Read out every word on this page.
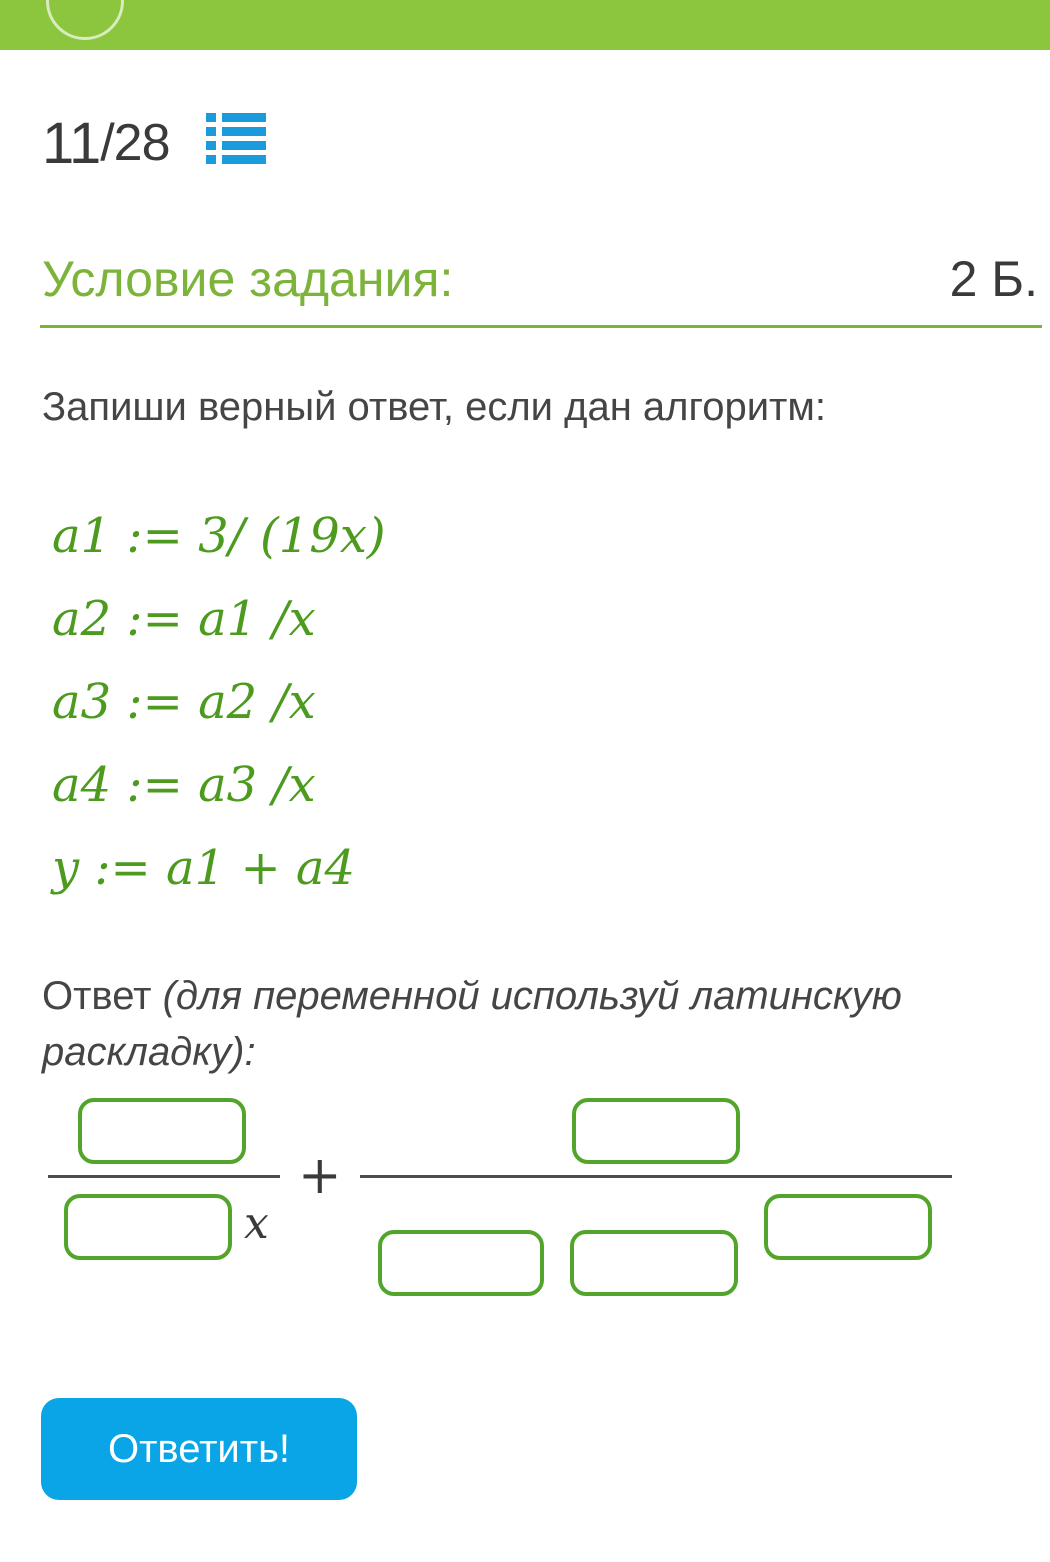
11 /28
Условие задания:	2 Б.
Запиши верный ответ, если дан алгоритм:
a1 := 3/ (19x)
a2 := a1 /x
a3 := a2 /x
a4 := a3 /x
y := a1 + a4
Ответ (для переменной используй латинскую раскладку):
x
+
Ответить!
